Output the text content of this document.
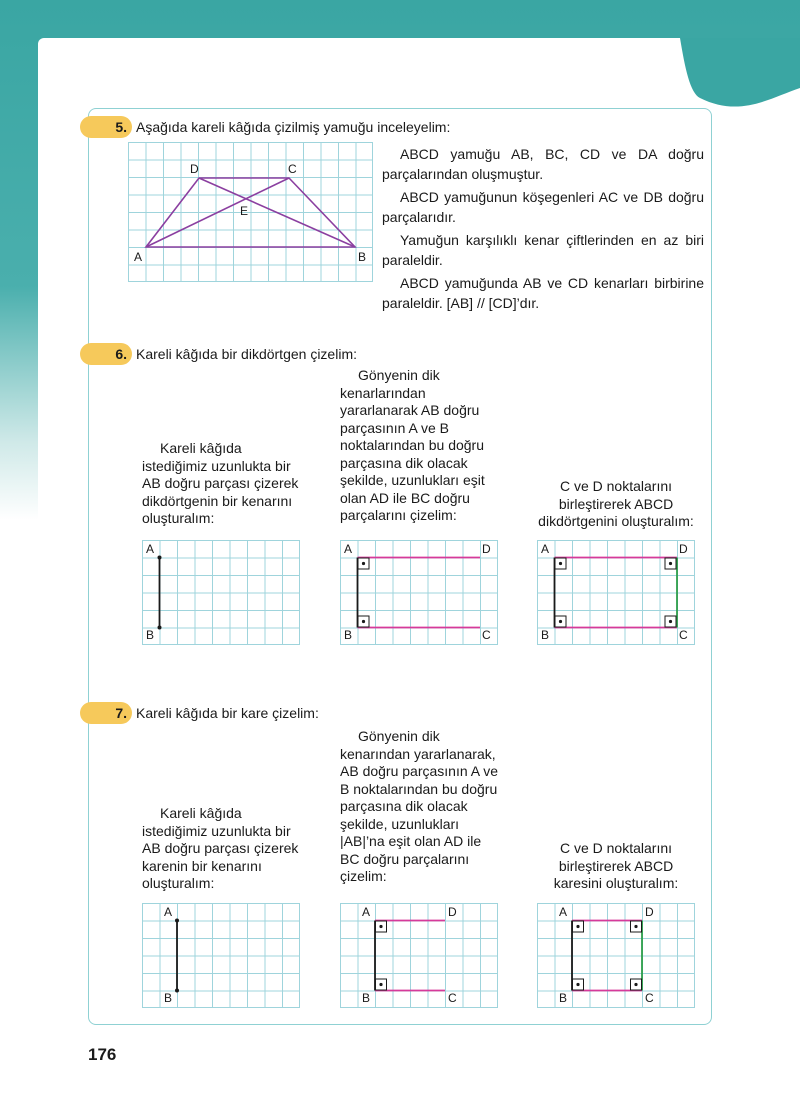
5. Aşağıda kareli kâğıda çizilmiş yamuğu inceleyelim:
A	B
C
D
E
ABCD yamuğu AB, BC, CD ve DA doğru parçalarından oluşmuştur.
ABCD yamuğunun köşegenleri AC ve DB doğru parçalarıdır.
Yamuğun karşılıklı kenar çiftlerinden en az biri paraleldir.
ABCD yamuğunda AB ve CD kenarları birbirine paraleldir. [AB] // [CD]’dır.
6. Kareli kâğıda bir dikdörtgen çizelim:
Kareli kâğıda istediğimiz uzunlukta bir AB doğru parçası çizerek dikdörtgenin bir kenarını oluşturalım:
Gönyenin dik kenarlarından yararlanarak AB doğru parçasının A ve B noktalarından bu doğru parçasına dik olacak şekilde, uzunlukları eşit olan AD ile BC doğru parçalarını çizelim:
C ve D noktalarını birleştirerek ABCD dikdörtgenini oluşturalım:
A
B
A	D
B	C
A	D
B	C
7. Kareli kâğıda bir kare çizelim:
Kareli kâğıda istediğimiz uzunlukta bir AB doğru parçası çizerek karenin bir kenarını oluşturalım:
Gönyenin dik kenarından yararlanarak, AB doğru parçasının A ve B noktalarından bu doğru parçasına dik olacak şekilde, uzunlukları |AB|’na eşit olan AD ile BC doğru parçalarını çizelim:
C ve D noktalarını birleştirerek ABCD karesini oluşturalım:
A
B
A	D
B	C
A	D
B	C
176
